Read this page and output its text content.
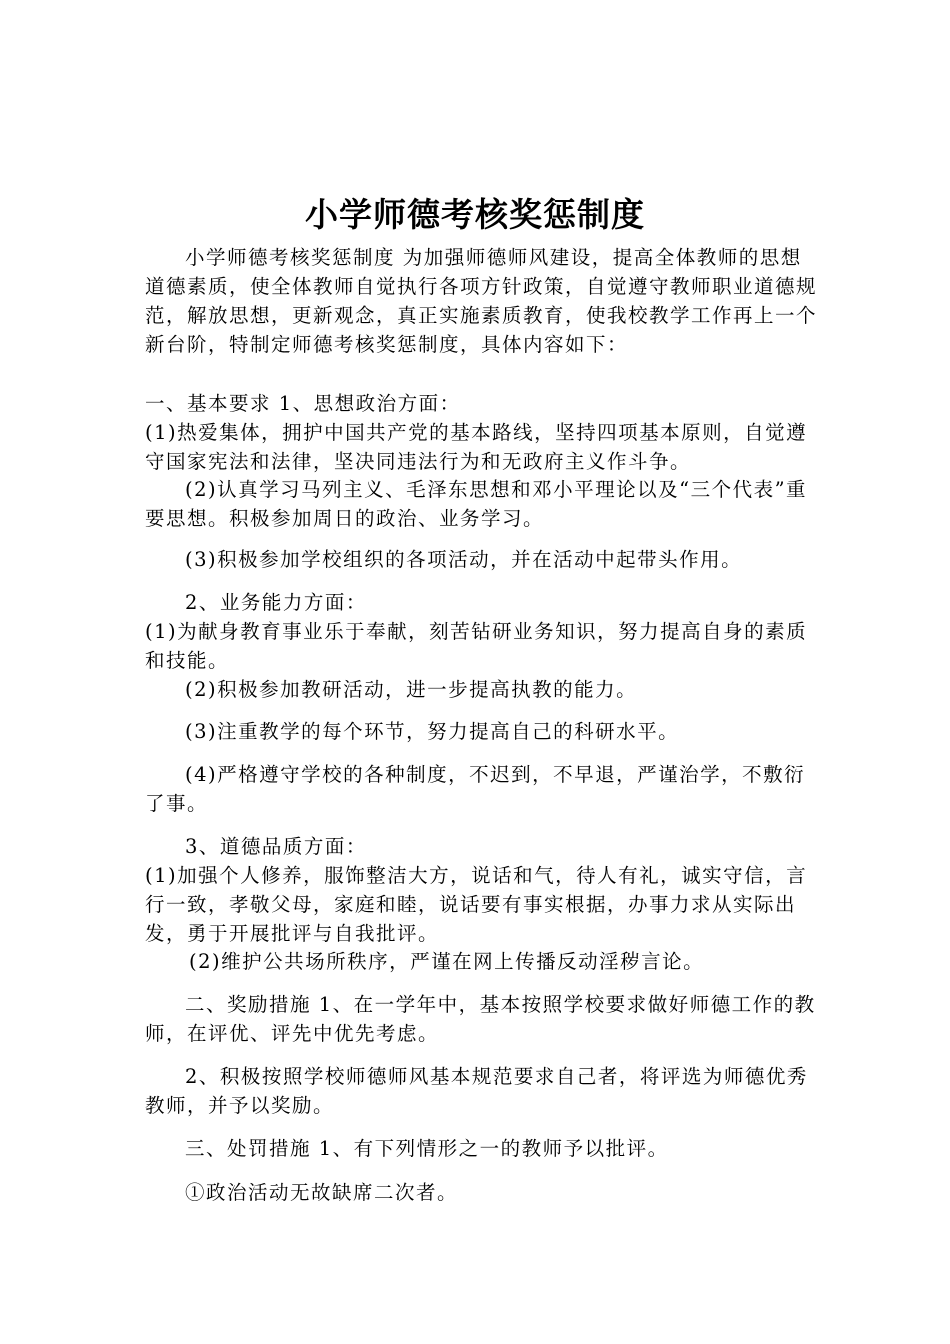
小学师德考核奖惩制度
小学师德考核奖惩制度 为加强师德师风建设，提高全体教师的思想道德素质，使全体教师自觉执行各项方针政策，自觉遵守教师职业道德规范，解放思想，更新观念，真正实施素质教育，使我校教学工作再上一个新台阶，特制定师德考核奖惩制度，具体内容如下：
一、基本要求 1、思想政治方面：
(1)热爱集体，拥护中国共产党的基本路线，坚持四项基本原则，自觉遵守国家宪法和法律，坚决同违法行为和无政府主义作斗争。
(2)认真学习马列主义、毛泽东思想和邓小平理论以及“三个代表”重要思想。积极参加周日的政治、业务学习。
(3)积极参加学校组织的各项活动，并在活动中起带头作用。
2、业务能力方面：
(1)为献身教育事业乐于奉献，刻苦钻研业务知识，努力提高自身的素质和技能。
(2)积极参加教研活动，进一步提高执教的能力。
(3)注重教学的每个环节，努力提高自己的科研水平。
(4)严格遵守学校的各种制度，不迟到，不早退，严谨治学，不敷衍了事。
3、道德品质方面：
(1)加强个人修养，服饰整洁大方，说话和气，待人有礼，诚实守信，言行一致，孝敬父母，家庭和睦，说话要有事实根据，办事力求从实际出发，勇于开展批评与自我批评。
(2)维护公共场所秩序，严谨在网上传播反动淫秽言论。
二、奖励措施 1、在一学年中，基本按照学校要求做好师德工作的教师，在评优、评先中优先考虑。
2、积极按照学校师德师风基本规范要求自己者，将评选为师德优秀教师，并予以奖励。
三、处罚措施 1、有下列情形之一的教师予以批评。
①政治活动无故缺席二次者。
